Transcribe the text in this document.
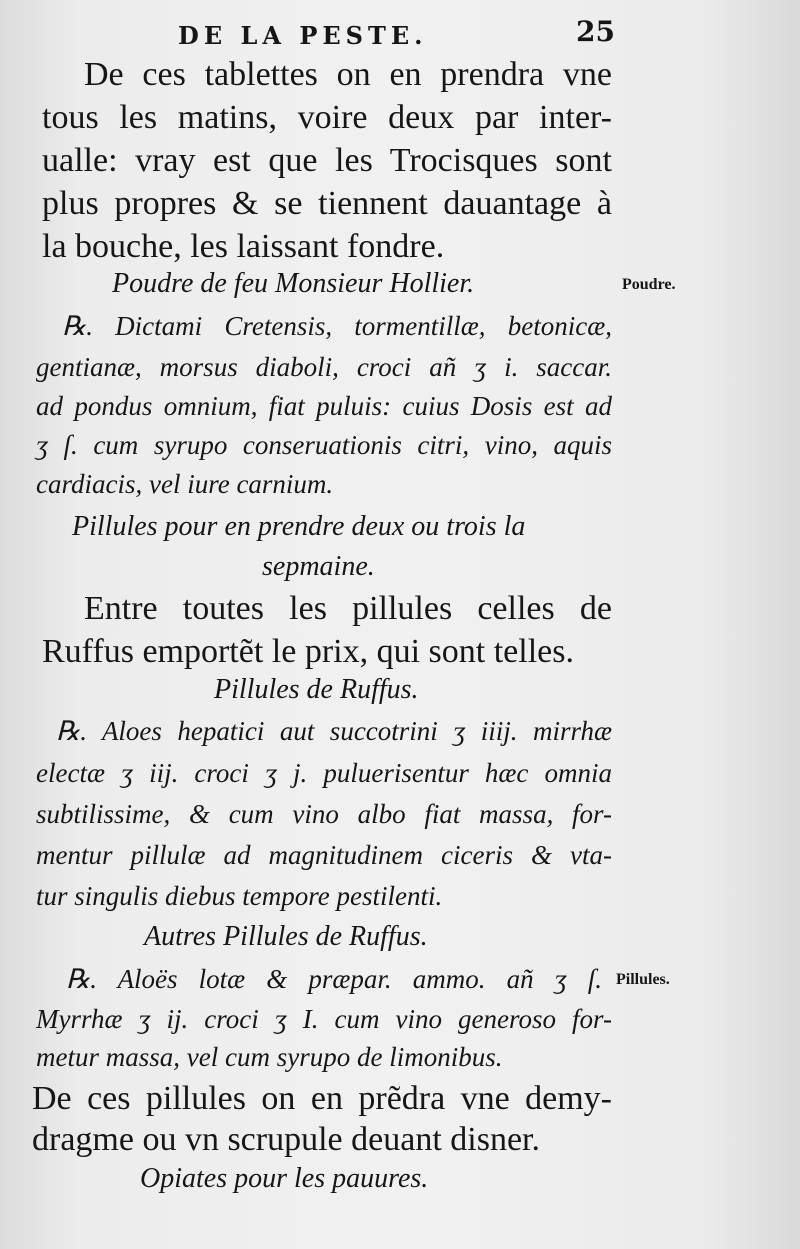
DE LA PESTE.	25
De ces tablettes on en prendra vne
tous les matins, voire deux par inter-
ualle: vray est que les Trocisques sont
plus propres & se tiennent dauantage à
la bouche, les laissant fondre.
Poudre de feu Monsieur Hollier.	Poudre.
℞. Dictami Cretensis, tormentillæ, betonicæ,
gentianæ, morsus diaboli, croci añ ʒ i. saccar.
ad pondus omnium, fiat puluis: cuius Dosis est ad
ʒ ſ. cum syrupo conseruationis citri, vino, aquis
cardiacis, vel iure carnium.
Pillules pour en prendre deux ou trois la
sepmaine.
Entre toutes les pillules celles de
Ruffus emportẽt le prix, qui sont telles.
Pillules de Ruffus.
℞. Aloes hepatici aut succotrini ʒ iiij. mirrhæ
electæ ʒ iij. croci ʒ j. puluerisentur hæc omnia
subtilissime, & cum vino albo fiat massa, for-
mentur pillulæ ad magnitudinem ciceris & vta-
tur singulis diebus tempore pestilenti.
Autres Pillules de Ruffus.
℞. Aloës lotæ & præpar. ammo. añ ʒ ſ. Pillules.
Myrrhæ ʒ ij. croci ʒ I. cum vino generoso for-
metur massa, vel cum syrupo de limonibus.
De ces pillules on en prẽdra vne demy-
dragme ou vn scrupule deuant disner.
Opiates pour les pauures.
